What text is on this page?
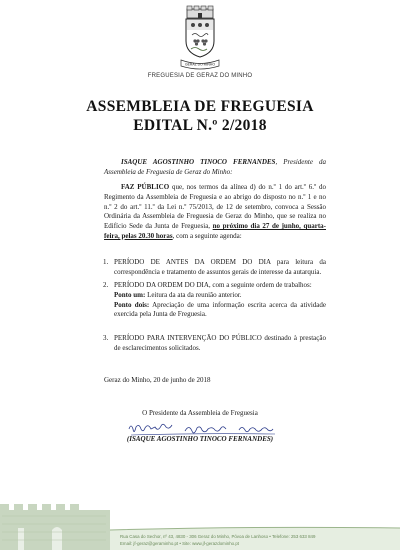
GERAZ DO MINHO
FREGUESIA DE GERAZ DO MINHO
ASSEMBLEIA DE FREGUESIA
EDITAL N.º 2/2018
ISAQUE AGOSTINHO TINOCO FERNANDES, Presidente da Assembleia de Freguesia de Geraz do Minho:
FAZ PÚBLICO que, nos termos da alínea d) do n.º 1 do art.º 6.º do Regimento da Assembleia de Freguesia e ao abrigo do disposto no n.º 1 e no n.º 2 do art.º 11.º da Lei n.º 75/2013, de 12 de setembro, convoca a Sessão Ordinária da Assembleia de Freguesia de Geraz do Minho, que se realiza no Edifício Sede da Junta de Freguesia, no próximo dia 27 de junho, quarta-feira, pelas 20.30 horas, com a seguinte agenda:
1. PERÍODO DE ANTES DA ORDEM DO DIA para leitura da correspondência e tratamento de assuntos gerais de interesse da autarquia.
2. PERÍODO DA ORDEM DO DIA, com a seguinte ordem de trabalhos:
Ponto um: Leitura da ata da reunião anterior.
Ponto dois: Apreciação de uma informação escrita acerca da atividade exercida pela Junta de Freguesia.
3. PERÍODO PARA INTERVENÇÃO DO PÚBLICO destinado à prestação de esclarecimentos solicitados.
Geraz do Minho, 20 de junho de 2018
O Presidente da Assembleia de Freguesia
(ISAQUE AGOSTINHO TINOCO FERNANDES)
Rua Casa do Sechor, nº 43, 4830 - 306 Geraz do Minho, Póvoa de Lanhoso • Telefone: 253 633 849
Email: jf-geraz@geraminho.pt • Site: www.jf-gerazdominho.pt
